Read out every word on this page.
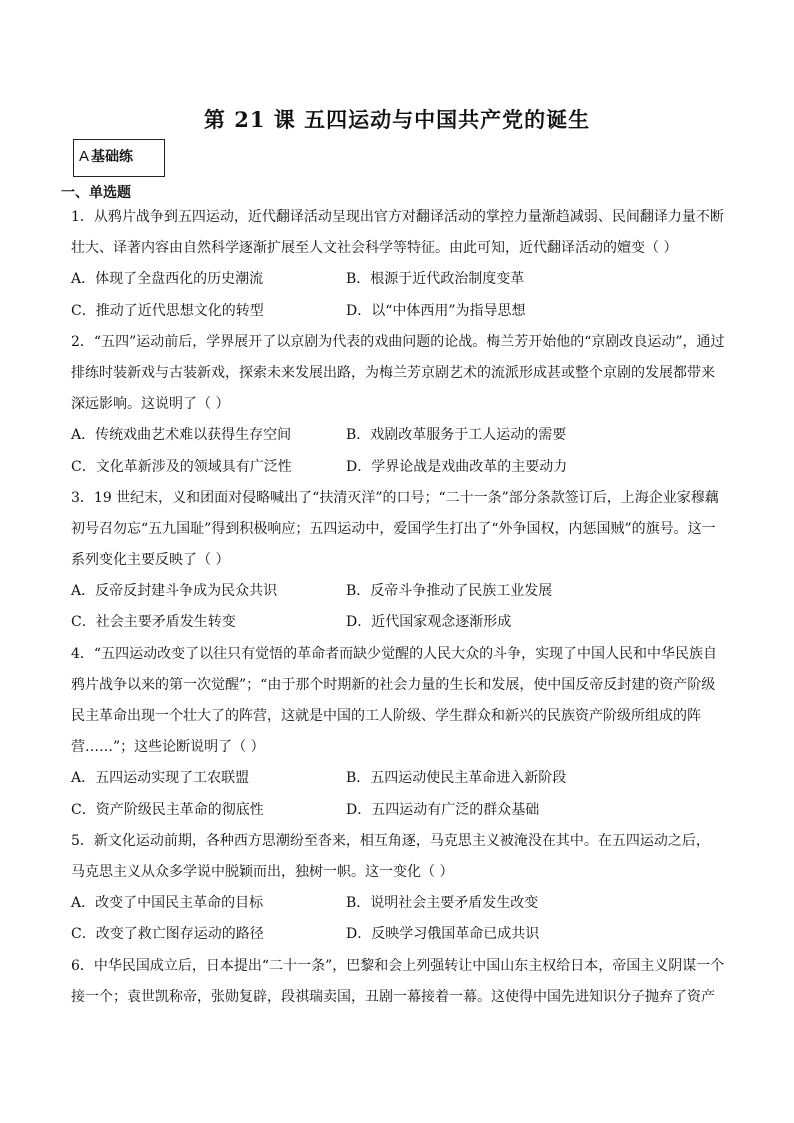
第 21 课 五四运动与中国共产党的诞生
A 基础练
一、单选题
1．从鸦片战争到五四运动，近代翻译活动呈现出官方对翻译活动的掌控力量渐趋减弱、民间翻译力量不断
壮大、译著内容由自然科学逐渐扩展至人文社会科学等特征。由此可知，近代翻译活动的嬗变（ ）
A．体现了全盘西化的历史潮流	B．根源于近代政治制度变革
C．推动了近代思想文化的转型	D．以“中体西用”为指导思想
2．“五四”运动前后，学界展开了以京剧为代表的戏曲问题的论战。梅兰芳开始他的“京剧改良运动”，通过
排练时装新戏与古装新戏，探索未来发展出路，为梅兰芳京剧艺术的流派形成甚或整个京剧的发展都带来
深远影响。这说明了（ ）
A．传统戏曲艺术难以获得生存空间	B．戏剧改革服务于工人运动的需要
C．文化革新涉及的领域具有广泛性	D．学界论战是戏曲改革的主要动力
3．19 世纪末，义和团面对侵略喊出了“扶清灭洋”的口号；“二十一条”部分条款签订后，上海企业家穆藕
初号召勿忘“五九国耻”得到积极响应；五四运动中，爱国学生打出了“外争国权，内惩国贼”的旗号。这一
系列变化主要反映了（ ）
A．反帝反封建斗争成为民众共识	B．反帝斗争推动了民族工业发展
C．社会主要矛盾发生转变	D．近代国家观念逐渐形成
4．“五四运动改变了以往只有觉悟的革命者而缺少觉醒的人民大众的斗争，实现了中国人民和中华民族自
鸦片战争以来的第一次觉醒”；“由于那个时期新的社会力量的生长和发展，使中国反帝反封建的资产阶级
民主革命出现一个壮大了的阵营，这就是中国的工人阶级、学生群众和新兴的民族资产阶级所组成的阵
营……”；这些论断说明了（ ）
A．五四运动实现了工农联盟	B．五四运动使民主革命进入新阶段
C．资产阶级民主革命的彻底性	D．五四运动有广泛的群众基础
5．新文化运动前期，各种西方思潮纷至沓来，相互角逐，马克思主义被淹没在其中。在五四运动之后，
马克思主义从众多学说中脱颖而出，独树一帜。这一变化（ ）
A．改变了中国民主革命的目标	B．说明社会主要矛盾发生改变
C．改变了救亡图存运动的路径	D．反映学习俄国革命已成共识
6．中华民国成立后，日本提出“二十一条”，巴黎和会上列强转让中国山东主权给日本，帝国主义阴谋一个
接一个；袁世凯称帝，张勋复辟，段祺瑞卖国，丑剧一幕接着一幕。这使得中国先进知识分子抛弃了资产
